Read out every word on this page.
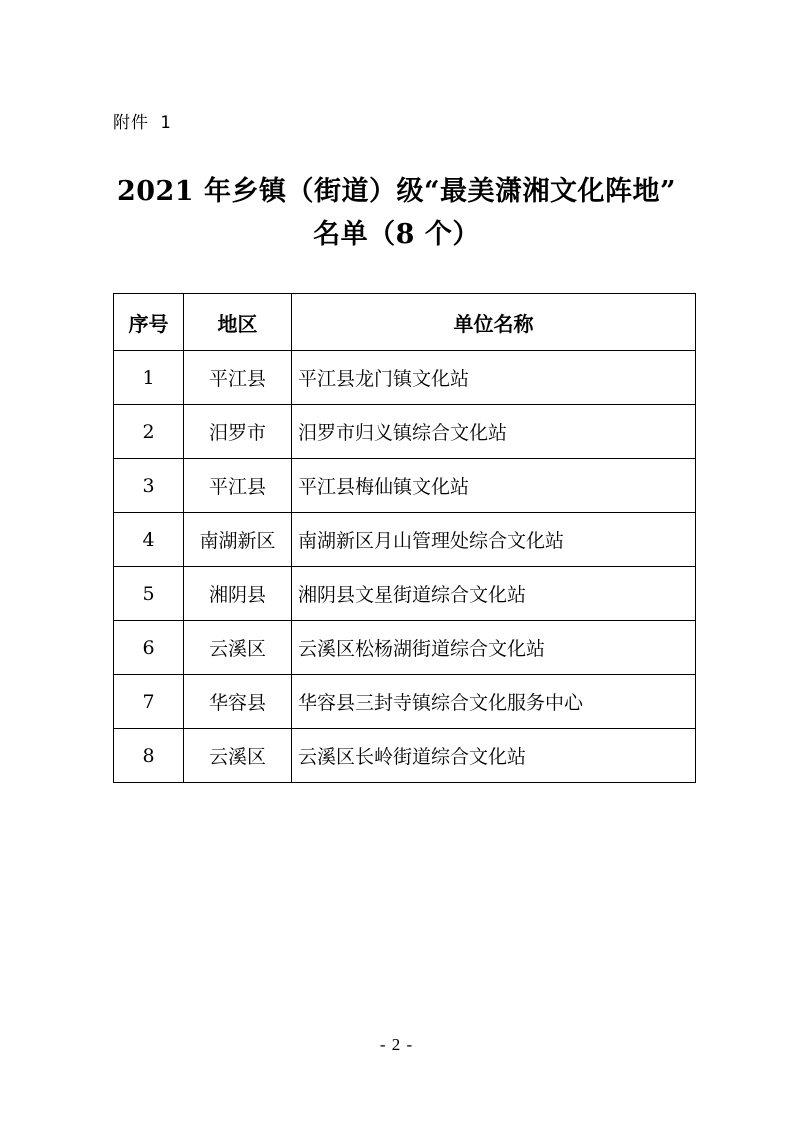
附件 1
2021 年乡镇（街道）级“最美潇湘文化阵地”
名单（8 个）
序号	地区	单位名称
1	平江县	平江县龙门镇文化站
2	汨罗市	汨罗市归义镇综合文化站
3	平江县	平江县梅仙镇文化站
4	南湖新区	南湖新区月山管理处综合文化站
5	湘阴县	湘阴县文星街道综合文化站
6	云溪区	云溪区松杨湖街道综合文化站
7	华容县	华容县三封寺镇综合文化服务中心
8	云溪区	云溪区长岭街道综合文化站
- 2 -
